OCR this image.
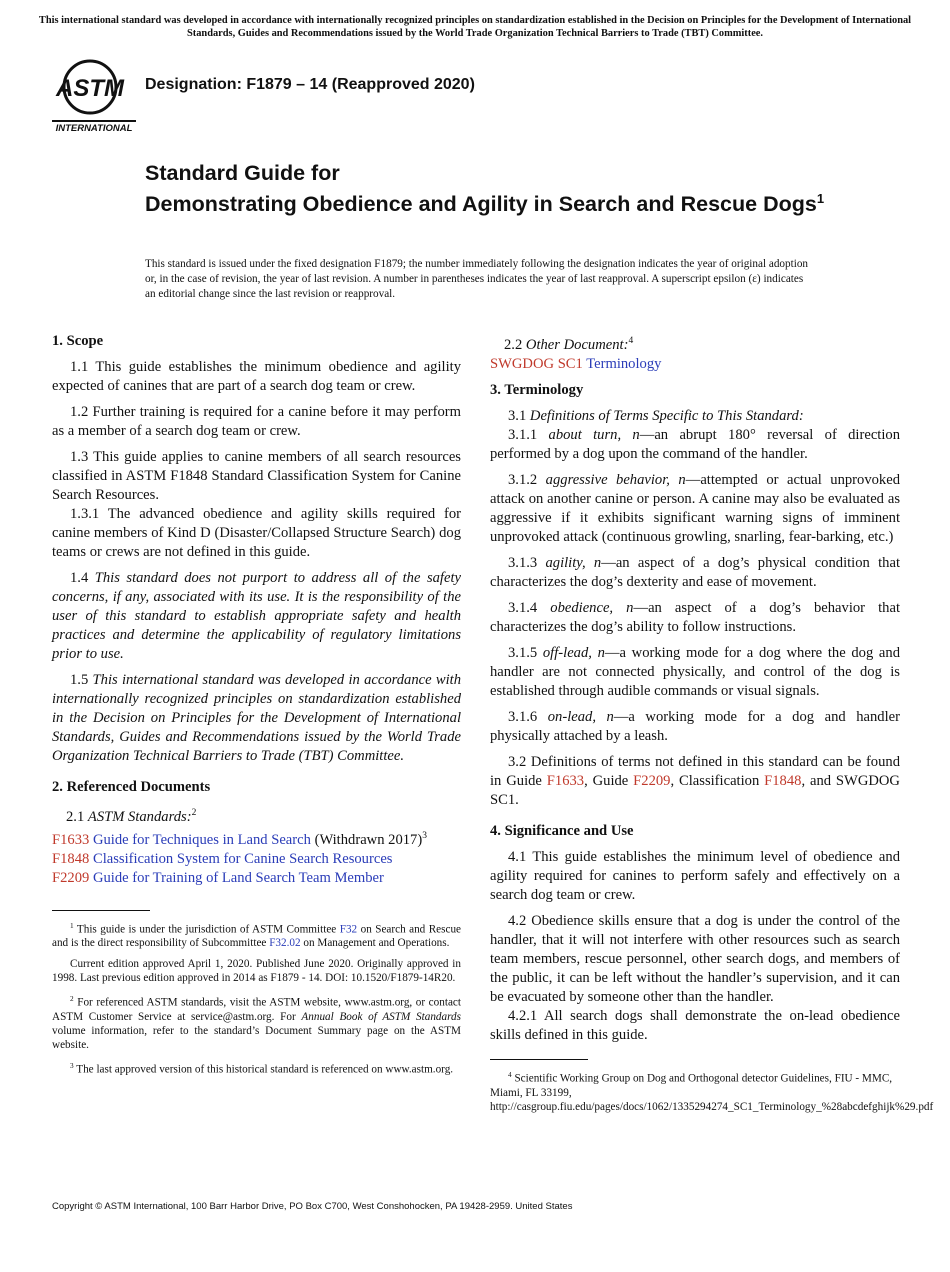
This international standard was developed in accordance with internationally recognized principles on standardization established in the Decision on Principles for the Development of International Standards, Guides and Recommendations issued by the World Trade Organization Technical Barriers to Trade (TBT) Committee.
ASTM
INTERNATIONAL
Designation: F1879 – 14 (Reapproved 2020)
Standard Guide for
Demonstrating Obedience and Agility in Search and Rescue Dogs$^1$
This standard is issued under the fixed designation F1879; the number immediately following the designation indicates the year of original adoption or, in the case of revision, the year of last revision. A number in parentheses indicates the year of last reapproval. A superscript epsilon (ε) indicates an editorial change since the last revision or reapproval.
1. Scope

1.1 This guide establishes the minimum obedience and agility expected of canines that are part of a search dog team or crew.

1.2 Further training is required for a canine before it may perform as a member of a search dog team or crew.

1.3 This guide applies to canine members of all search resources classified in ASTM F1848 Standard Classification System for Canine Search Resources.

1.3.1 The advanced obedience and agility skills required for canine members of Kind D (Disaster/Collapsed Structure Search) dog teams or crews are not defined in this guide.

1.4 This standard does not purport to address all of the safety concerns, if any, associated with its use. It is the responsibility of the user of this standard to establish appropriate safety and health practices and determine the applicability of regulatory limitations prior to use.

1.5 This international standard was developed in accordance with internationally recognized principles on standardization established in the Decision on Principles for the Development of International Standards, Guides and Recommendations issued by the World Trade Organization Technical Barriers to Trade (TBT) Committee.

2. Referenced Documents

2.1 ASTM Standards:$^2$

F1633 Guide for Techniques in Land Search (Withdrawn 2017)$^3$

F1848 Classification System for Canine Search Resources

F2209 Guide for Training of Land Search Team Member

$^1$ This guide is under the jurisdiction of ASTM Committee F32 on Search and Rescue and is the direct responsibility of Subcommittee F32.02 on Management and Operations.

Current edition approved April 1, 2020. Published June 2020. Originally approved in 1998. Last previous edition approved in 2014 as F1879 - 14. DOI: 10.1520/F1879-14R20.

$^2$ For referenced ASTM standards, visit the ASTM website, www.astm.org, or contact ASTM Customer Service at service@astm.org. For Annual Book of ASTM Standards volume information, refer to the standard’s Document Summary page on the ASTM website.

$^3$ The last approved version of this historical standard is referenced on www.astm.org.

2.2 Other Document:$^4$

SWGDOG SC1 Terminology

3. Terminology

3.1 Definitions of Terms Specific to This Standard:

3.1.1 about turn, n—an abrupt 180° reversal of direction performed by a dog upon the command of the handler.

3.1.2 aggressive behavior, n—attempted or actual unprovoked attack on another canine or person. A canine may also be evaluated as aggressive if it exhibits significant warning signs of imminent unprovoked attack (continuous growling, snarling, fear-barking, etc.)

3.1.3 agility, n—an aspect of a dog’s physical condition that characterizes the dog’s dexterity and ease of movement.

3.1.4 obedience, n—an aspect of a dog’s behavior that characterizes the dog’s ability to follow instructions.

3.1.5 off-lead, n—a working mode for a dog where the dog and handler are not connected physically, and control of the dog is established through audible commands or visual signals.

3.1.6 on-lead, n—a working mode for a dog and handler physically attached by a leash.

3.2 Definitions of terms not defined in this standard can be found in Guide F1633, Guide F2209, Classification F1848, and SWGDOG SC1.

4. Significance and Use

4.1 This guide establishes the minimum level of obedience and agility required for canines to perform safely and effectively on a search dog team or crew.

4.2 Obedience skills ensure that a dog is under the control of the handler, that it will not interfere with other resources such as search team members, rescue personnel, other search dogs, and members of the public, it can be left without the handler’s supervision, and it can be evacuated by someone other than the handler.

4.2.1 All search dogs shall demonstrate the on-lead obedience skills defined in this guide.

$^4$ Scientific Working Group on Dog and Orthogonal detector Guidelines, FIU - MMC, Miami, FL 33199, http://casgroup.fiu.edu/pages/docs/1062/1335294274_SC1_Terminology_%28abcdefghijk%29.pdf

Copyright © ASTM International, 100 Barr Harbor Drive, PO Box C700, West Conshohocken, PA 19428-2959. United States
